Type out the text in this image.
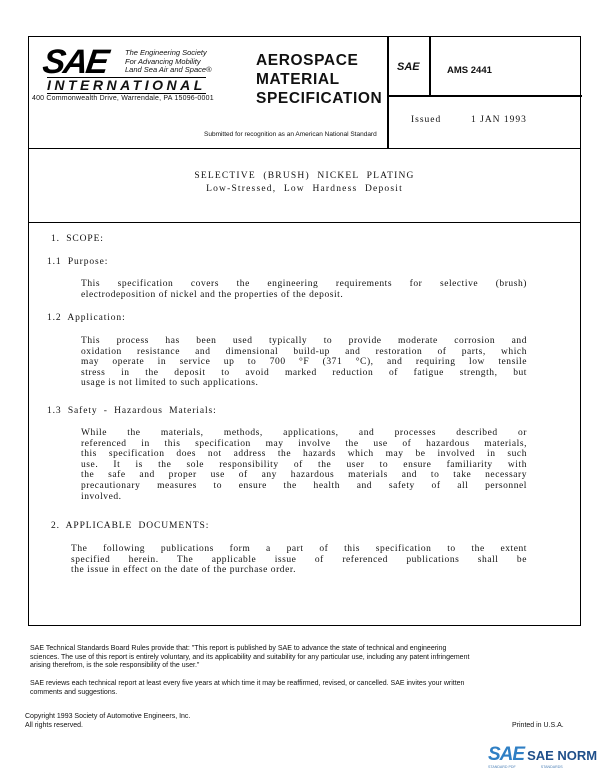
SAE The Engineering Society
For Advancing Mobility
Land Sea Air and Space®
INTERNATIONAL
400 Commonwealth Drive, Warrendale, PA 15096-0001
AEROSPACE
MATERIAL
SPECIFICATION
Submitted for recognition as an American National Standard
SAE	AMS 2441
Issued	1 JAN 1993
SELECTIVE (BRUSH) NICKEL PLATING
Low-Stressed, Low Hardness Deposit
1. SCOPE:
1.1 Purpose:
This specification covers the engineering requirements for selective (brush)
electrodeposition of nickel and the properties of the deposit.
1.2 Application:
This process has been used typically to provide moderate corrosion and
oxidation resistance and dimensional build-up and restoration of parts, which
may operate in service up to 700 °F (371 °C), and requiring low tensile
stress in the deposit to avoid marked reduction of fatigue strength, but
usage is not limited to such applications.
1.3 Safety - Hazardous Materials:
While the materials, methods, applications, and processes described or
referenced in this specification may involve the use of hazardous materials,
this specification does not address the hazards which may be involved in such
use. It is the sole responsibility of the user to ensure familiarity with
the safe and proper use of any hazardous materials and to take necessary
precautionary measures to ensure the health and safety of all personnel
involved.
2. APPLICABLE DOCUMENTS:
The following publications form a part of this specification to the extent
specified herein. The applicable issue of referenced publications shall be
the issue in effect on the date of the purchase order.
SAE Technical Standards Board Rules provide that: "This report is published by SAE to advance the state of technical and engineering
sciences. The use of this report is entirely voluntary, and its applicability and suitability for any particular use, including any patent infringement
arising therefrom, is the sole responsibility of the user."
SAE reviews each technical report at least every five years at which time it may be reaffirmed, revised, or cancelled. SAE invites your written
comments and suggestions.
Copyright 1993 Society of Automotive Engineers, Inc.
All rights reserved.	Printed in U.S.A.
SAE SAE NORM
STANDARD PDF	STANDARDS
